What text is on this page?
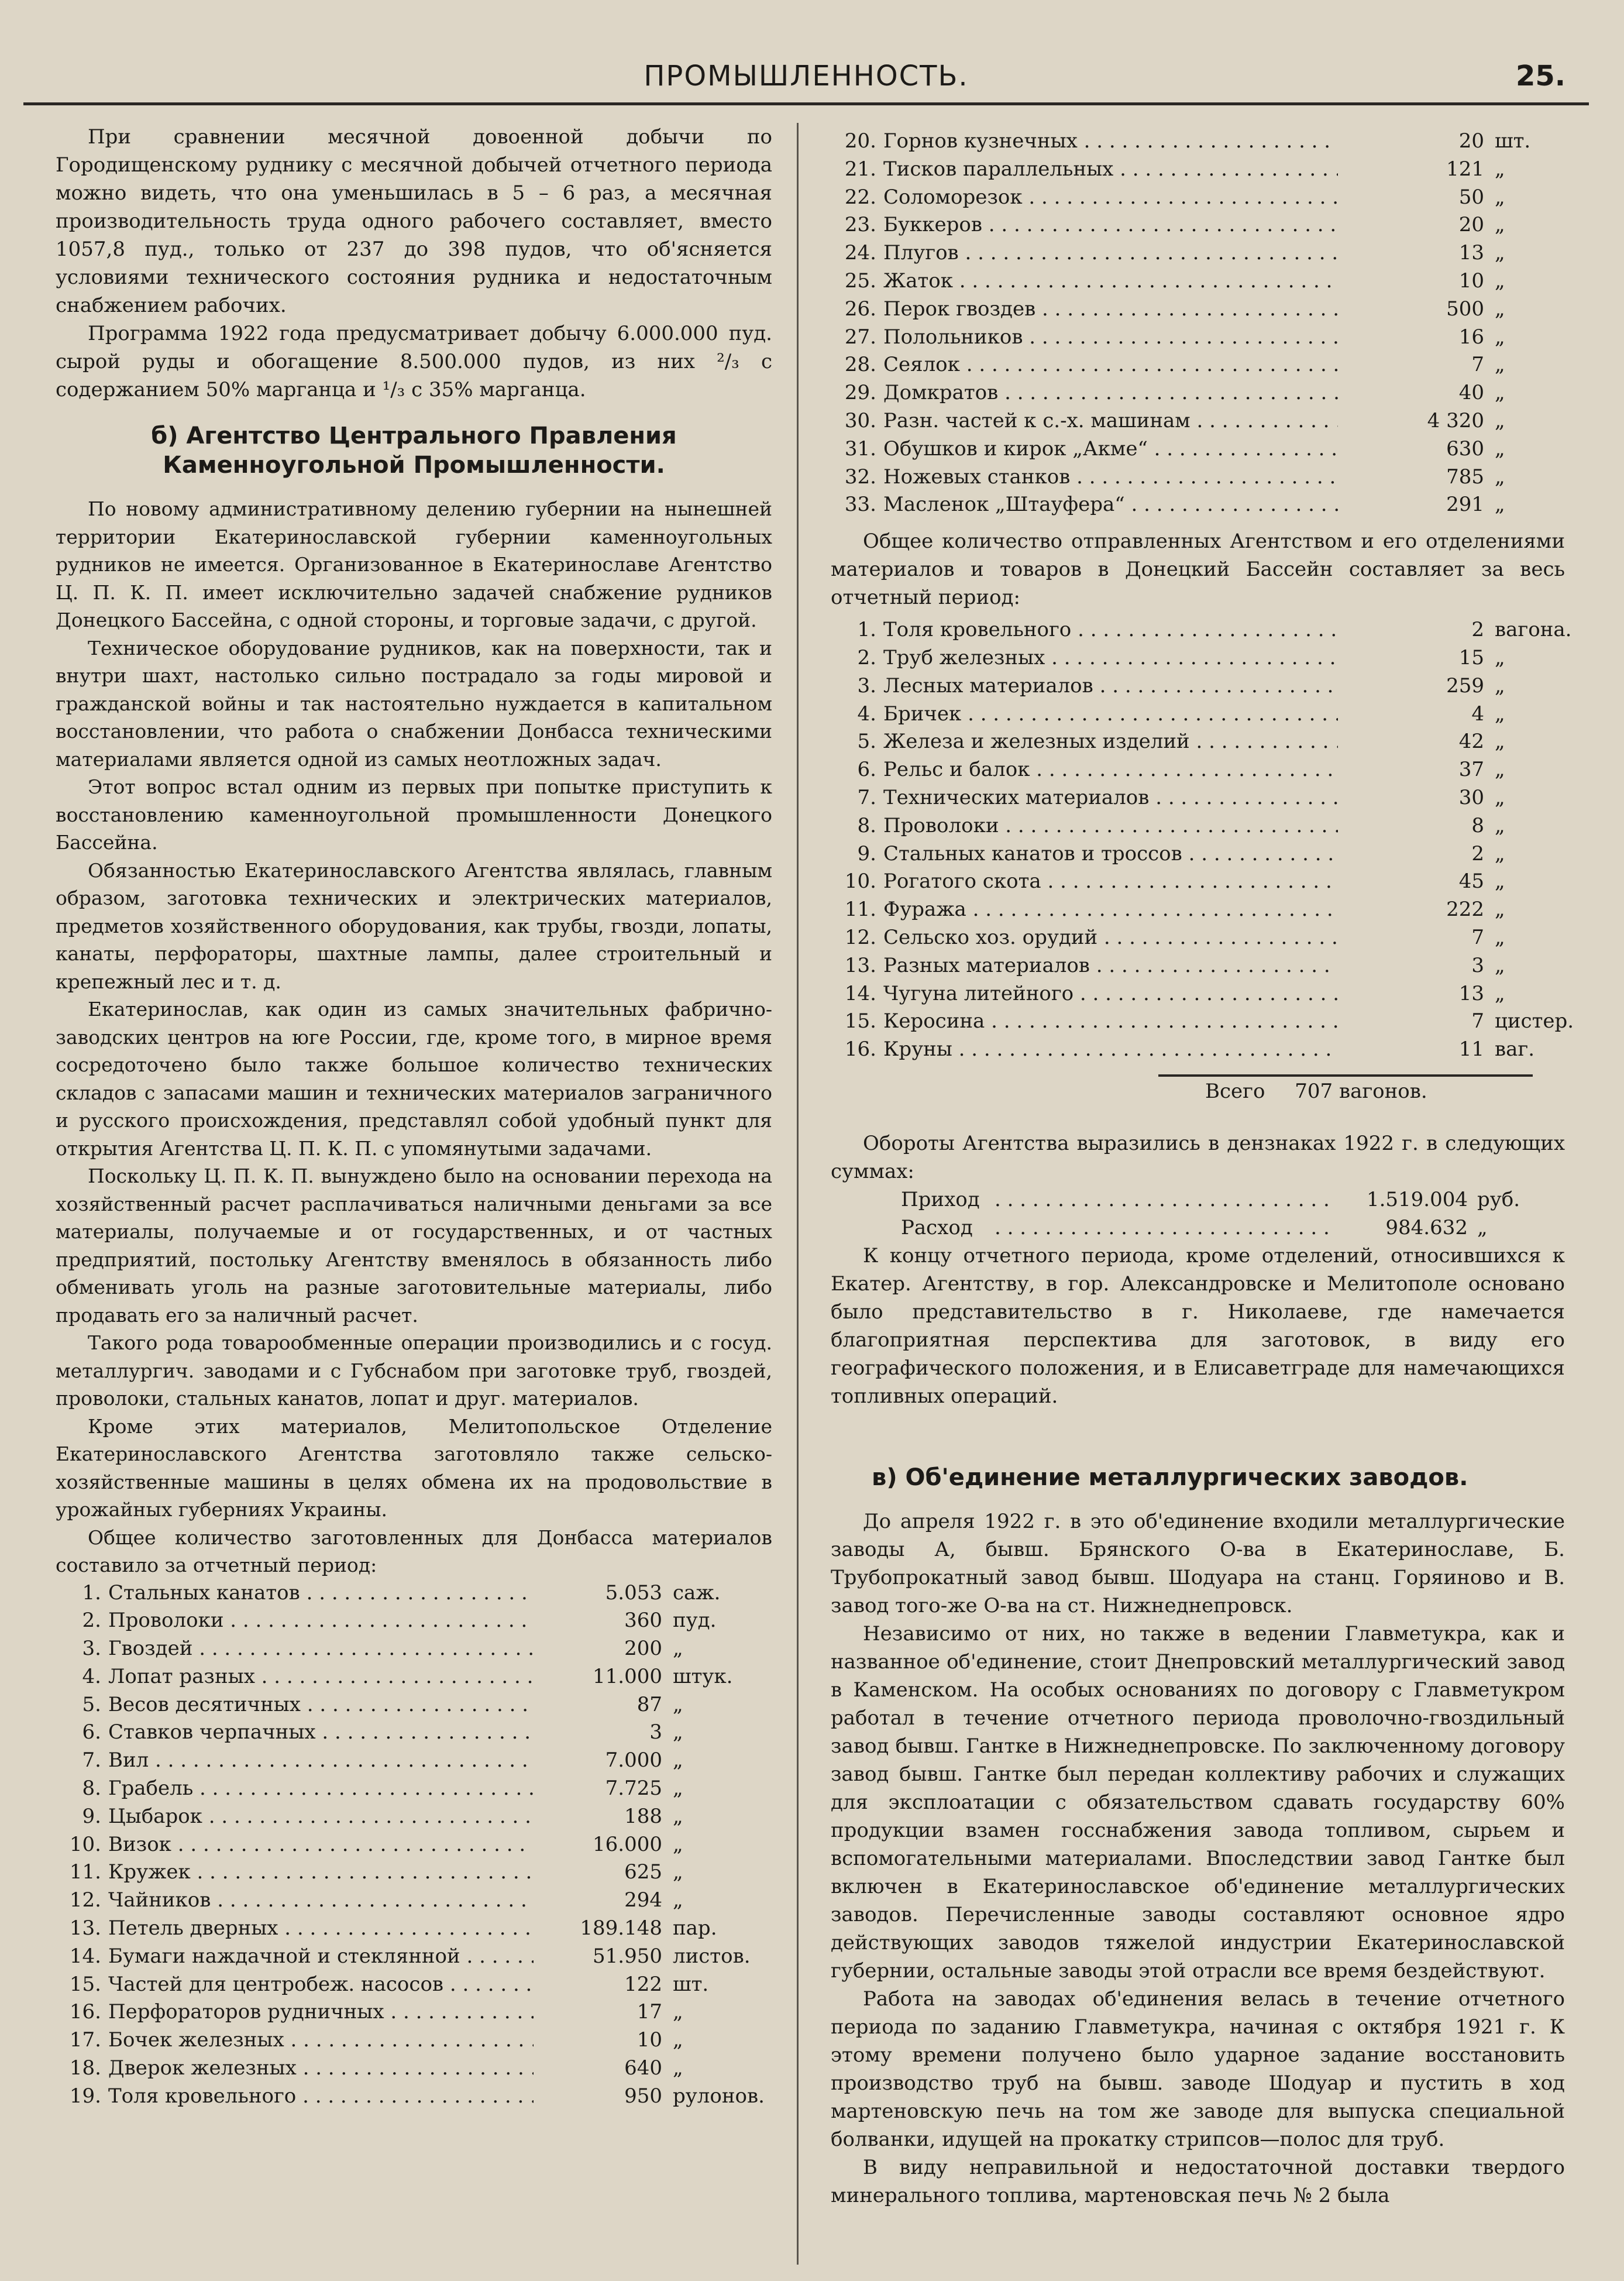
ПРОМЫШЛЕННОСТЬ.	25.

При сравнении месячной довоенной добычи по Городищенскому руднику с месячной добычей отчетного периода можно видеть, что она уменьшилась в 5 – 6 раз, а месячная производительность труда одного рабочего составляет, вместо 1057,8 пуд., только от 237 до 398 пудов, что об'ясняется условиями технического состояния рудника и недостаточным снабжением рабочих.

Программа 1922 года предусматривает добычу 6.000.000 пуд. сырой руды и обогащение 8.500.000 пудов, из них ²/₃ с содержанием 50% марганца и ¹/₃ с 35% марганца.

б) Агентство Центрального Правления Каменноугольной Промышленности.

По новому административному делению губернии на нынешней территории Екатеринославской губернии каменноугольных рудников не имеется. Организованное в Екатеринославе Агентство Ц. П. К. П. имеет исключительно задачей снабжение рудников Донецкого Бассейна, с одной стороны, и торговые задачи, с другой.

Техническое оборудование рудников, как на поверхности, так и внутри шахт, настолько сильно пострадало за годы мировой и гражданской войны и так настоятельно нуждается в капитальном восстановлении, что работа о снабжении Донбасса техническими материалами является одной из самых неотложных задач.

Этот вопрос встал одним из первых при попытке приступить к восстановлению каменноугольной промышленности Донецкого Бассейна.

Обязанностью Екатеринославского Агентства являлась, главным образом, заготовка технических и электрических материалов, предметов хозяйственного оборудования, как трубы, гвозди, лопаты, канаты, перфораторы, шахтные лампы, далее строительный и крепежный лес и т. д.

Екатеринослав, как один из самых значительных фабрично-заводских центров на юге России, где, кроме того, в мирное время сосредоточено было также большое количество технических складов с запасами машин и технических материалов заграничного и русского происхождения, представлял собой удобный пункт для открытия Агентства Ц. П. К. П. с упомянутыми задачами.

Поскольку Ц. П. К. П. вынуждено было на основании перехода на хозяйственный расчет расплачиваться наличными деньгами за все материалы, получаемые и от государственных, и от частных предприятий, постольку Агентству вменялось в обязанность либо обменивать уголь на разные заготовительные материалы, либо продавать его за наличный расчет.

Такого рода товарообменные операции производились и с госуд. металлургич. заводами и с Губснабом при заготовке труб, гвоздей, проволоки, стальных канатов, лопат и друг. материалов.

Кроме этих материалов, Мелитопольское Отделение Екатеринославского Агентства заготовляло также сельско-хозяйственные машины в целях обмена их на продовольствие в урожайных губерниях Украины.

Общее количество заготовленных для Донбасса материалов составило за отчетный период:

1. Стальных канатов . . .	5.053 саж.
2. Проволоки . . .	360 пуд.
3. Гвоздей . . .	200 „
4. Лопат разных . . .	11.000 штук.
5. Весов десятичных . . .	87 „
6. Ставков черпачных . . .	3 „
7. Вил . . .	7.000 „
8. Грабель . . .	7.725 „
9. Цыбарок . . .	188 „
10. Визок . . .	16.000 „
11. Кружек . . .	625 „
12. Чайников . . .	294 „
13. Петель дверных . . .	189.148 пар.
14. Бумаги наждачной и стеклянной . . .	51.950 листов.
15. Частей для центробеж. насосов . . .	122 шт.
16. Перфораторов рудничных . . .	17 „
17. Бочек железных . . .	10 „
18. Дверок железных . . .	640 „
19. Толя кровельного . . .	950 рулонов.
20. Горнов кузнечных . . .	20 шт.
21. Тисков параллельных . . .	121 „
22. Соломорезок . . .	50 „
23. Буккеров . . .	20 „
24. Плугов . . .	13 „
25. Жаток . . .	10 „
26. Перок гвоздев . . .	500 „
27. Полольников . . .	16 „
28. Сеялок . . .	7 „
29. Домкратов . . .	40 „
30. Разн. частей к с.-х. машинам . . .	4 320 „
31. Обушков и кирок „Акме“ . . .	630 „
32. Ножевых станков . . .	785 „
33. Масленок „Штауфера“ . . .	291 „

Общее количество отправленных Агентством и его отделениями материалов и товаров в Донецкий Бассейн составляет за весь отчетный период:

1. Толя кровельного . . .	2 вагона.
2. Труб железных . . .	15 „
3. Лесных материалов . . .	259 „
4. Бричек . . .	4 „
5. Железа и железных изделий . . .	42 „
6. Рельс и балок . . .	37 „
7. Технических материалов . . .	30 „
8. Проволоки . . .	8 „
9. Стальных канатов и троссов . . .	2 „
10. Рогатого скота . . .	45 „
11. Фуража . . .	222 „
12. Сельско хоз. орудий . . .	7 „
13. Разных материалов . . .	3 „
14. Чугуна литейного . . .	13 „
15. Керосина . . .	7 цистер.
16. Круны . . .	11 ваг.
Всего 707 вагонов.

Обороты Агентства выразились в дензнаках 1922 г. в следующих суммах:

Приход . . .	1.519.004 руб.
Расход . . .	984.632 „

К концу отчетного периода, кроме отделений, относившихся к Екатер. Агентству, в гор. Александровске и Мелитополе основано было представительство в г. Николаеве, где намечается благоприятная перспектива для заготовок, в виду его географического положения, и в Елисаветграде для намечающихся топливных операций.

в) Об'единение металлургических заводов.

До апреля 1922 г. в это об'единение входили металлургические заводы А, бывш. Брянского О-ва в Екатеринославе, Б. Трубопрокатный завод бывш. Шодуара на станц. Горяиново и В. завод того-же О-ва на ст. Нижнеднепровск.

Независимо от них, но также в ведении Главметукра, как и названное об'единение, стоит Днепровский металлургический завод в Каменском. На особых основаниях по договору с Главметукром работал в течение отчетного периода проволочно-гвоздильный завод бывш. Гантке в Нижнеднепровске. По заключенному договору завод бывш. Гантке был передан коллективу рабочих и служащих для эксплоатации с обязательством сдавать государству 60% продукции взамен госснабжения завода топливом, сырьем и вспомогательными материалами. Впоследствии завод Гантке был включен в Екатеринославское об'единение металлургических заводов. Перечисленные заводы составляют основное ядро действующих заводов тяжелой индустрии Екатеринославской губернии, остальные заводы этой отрасли все время бездействуют.

Работа на заводах об'единения велась в течение отчетного периода по заданию Главметукра, начиная с октября 1921 г. К этому времени получено было ударное задание восстановить производство труб на бывш. заводе Шодуар и пустить в ход мартеновскую печь на том же заводе для выпуска специальной болванки, идущей на прокатку стрипсов—полос для труб.

В виду неправильной и недостаточной доставки твердого минерального топлива, мартеновская печь № 2 была
